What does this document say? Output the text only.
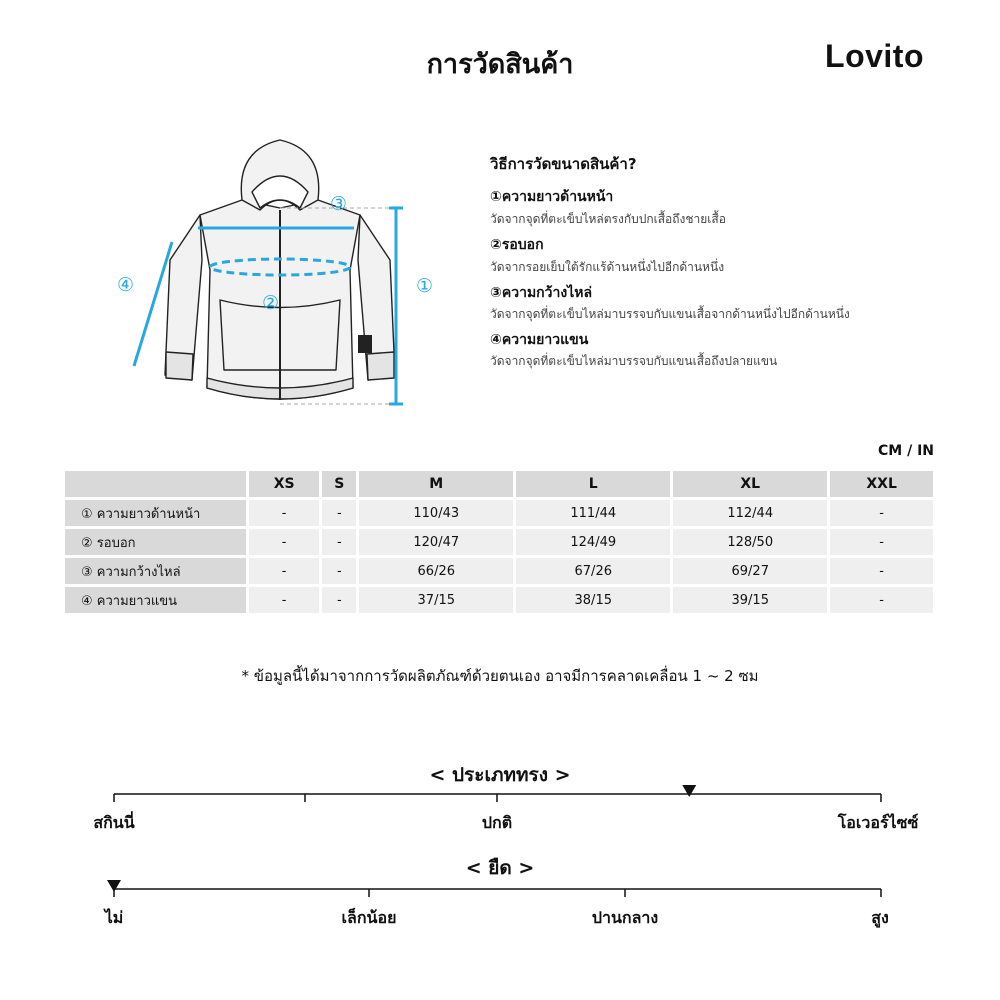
การวัดสินค้า	Lovito
①
②
③
④
วิธีการวัดขนาดสินค้า?
①ความยาวด้านหน้า
วัดจากจุดที่ตะเข็บไหล่ตรงกับปกเสื้อถึงชายเสื้อ
②รอบอก
วัดจากรอยเย็บใต้รักแร้ด้านหนึ่งไปอีกด้านหนึ่ง
③ความกว้างไหล่
วัดจากจุดที่ตะเข็บไหล่มาบรรจบกับแขนเสื้อจากด้านหนึ่งไปอีกด้านหนึ่ง
④ความยาวแขน
วัดจากจุดที่ตะเข็บไหล่มาบรรจบกับแขนเสื้อถึงปลายแขน
CM / IN
	XS	S	M	L	XL	XXL
① ความยาวด้านหน้า	-	-	110/43	111/44	112/44	-
② รอบอก	-	-	120/47	124/49	128/50	-
③ ความกว้างไหล่	-	-	66/26	67/26	69/27	-
④ ความยาวแขน	-	-	37/15	38/15	39/15	-
* ข้อมูลนี้ได้มาจากการวัดผลิตภัณฑ์ด้วยตนเอง อาจมีการคลาดเคลื่อน 1 ~ 2 ซม
< ประเภททรง >
สกินนี่	ปกติ	โอเวอร์ไซซ์
< ยืด >
ไม่	เล็กน้อย	ปานกลาง	สูง
